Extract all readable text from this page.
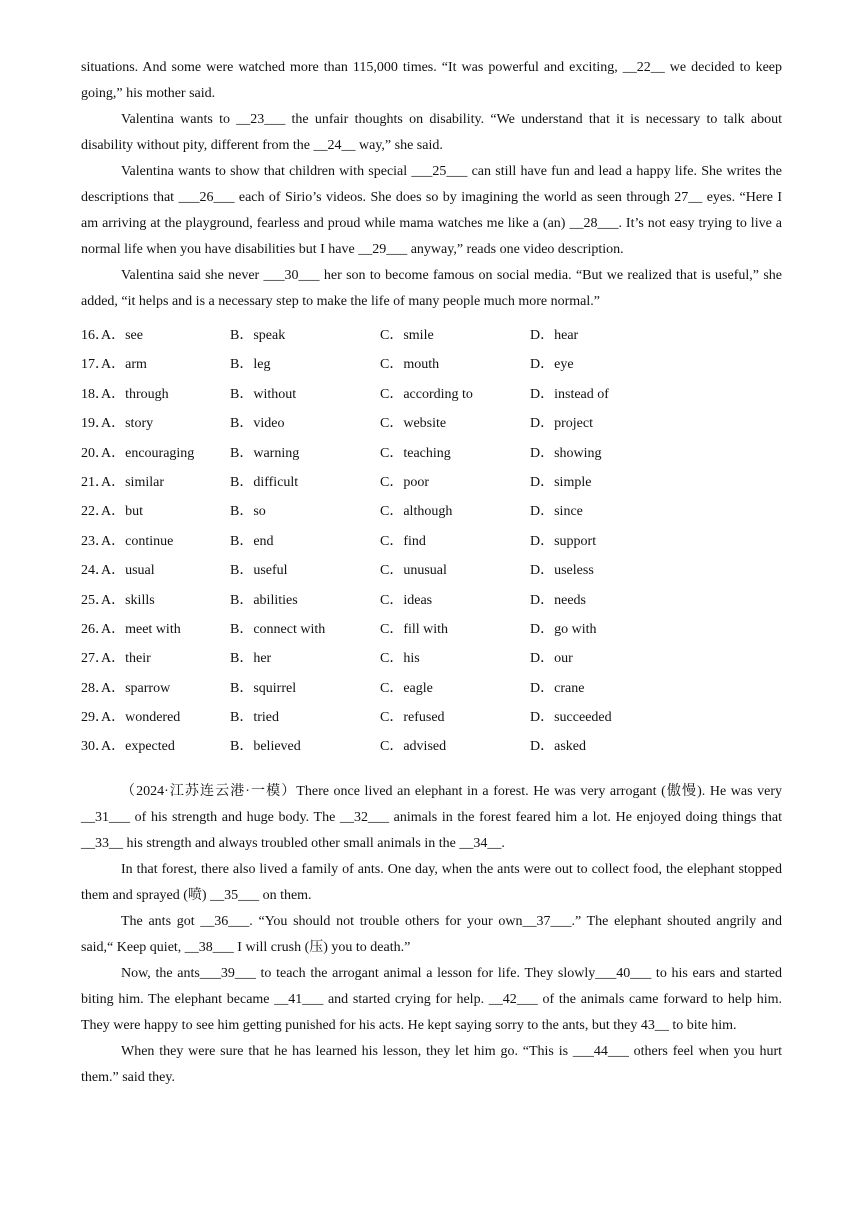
situations. And some were watched more than 115,000 times. “It was powerful and exciting, __22__ we decided to keep going,” his mother said.

Valentina wants to __23___ the unfair thoughts on disability. “We understand that it is necessary to talk about disability without pity, different from the __24__ way,” she said.

Valentina wants to show that children with special ___25___ can still have fun and lead a happy life. She writes the descriptions that ___26___ each of Sirio’s videos. She does so by imagining the world as seen through 27__ eyes. “Here I am arriving at the playground, fearless and proud while mama watches me like a (an) __28___. It’s not easy trying to live a normal life when you have disabilities but I have __29___ anyway,” reads one video description.

Valentina said she never ___30___ her son to become famous on social media. “But we realized that is useful,” she added, “it helps and is a necessary step to make the life of many people much more normal.”

16．
A．see	B．speak	C．smile	D．hear
17．
A．arm	B．leg	C．mouth	D．eye
18．
A．through	B．without	C．according to	D．instead of
19．
A．story	B．video	C．website	D．project
20．
A．encouraging	B．warning	C．teaching	D．showing
21．
A．similar	B．difficult	C．poor	D．simple
22．
A．but	B．so	C．although	D．since
23．
A．continue	B．end	C．find	D．support
24．
A．usual	B．useful	C．unusual	D．useless
25．
A．skills	B．abilities	C．ideas	D．needs
26．
A．meet with	B．connect with	C．fill with	D．go with
27．
A．their	B．her	C．his	D．our
28．
A．sparrow	B．squirrel	C．eagle	D．crane
29．
A．wondered	B．tried	C．refused	D．succeeded
30．
A．expected	B．believed	C．advised	D．asked

（2024·江苏连云港·一模）There once lived an elephant in a forest. He was very arrogant (傲慢). He was very __31___ of his strength and huge body. The __32___ animals in the forest feared him a lot. He enjoyed doing things that __33__ his strength and always troubled other small animals in the __34__.

In that forest, there also lived a family of ants. One day, when the ants were out to collect food, the elephant stopped them and sprayed (喷) __35___ on them.

The ants got __36___. “You should not trouble others for your own__37___.” The elephant shouted angrily and said,“ Keep quiet, __38___ I will crush (压) you to death.”

Now, the ants___39___ to teach the arrogant animal a lesson for life. They slowly___40___ to his ears and started biting him. The elephant became __41___ and started crying for help. __42___ of the animals came forward to help him. They were happy to see him getting punished for his acts. He kept saying sorry to the ants, but they 43__ to bite him.

When they were sure that he has learned his lesson, they let him go. “This is ___44___ others feel when you hurt them.” said they.
